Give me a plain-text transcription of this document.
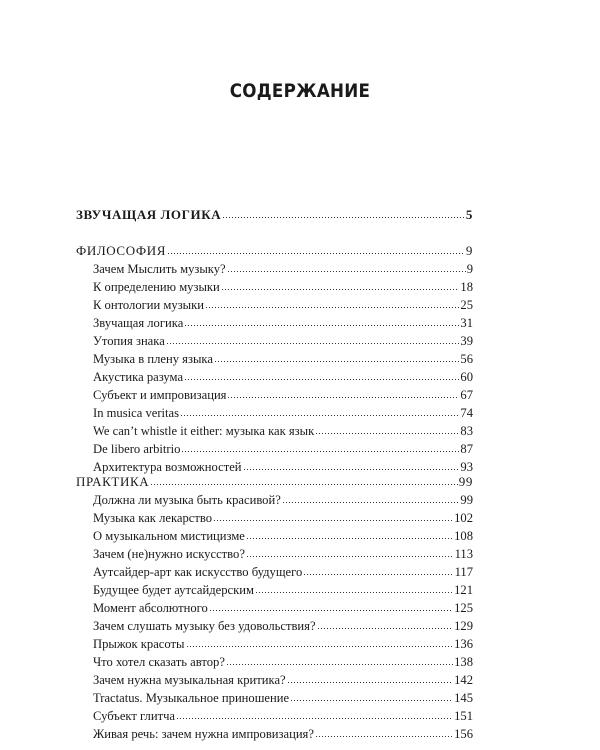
СОДЕРЖАНИЕ
ЗВУЧАЩАЯ ЛОГИКА	5
ФИЛОСОФИЯ	9
Зачем Мыслить музыку?	9
К определению музыки	18
К онтологии музыки	25
Звучащая логика	31
Утопия знака	39
Музыка в плену языка	56
Акустика разума	60
Субъект и импровизация	67
In musica veritas	74
We can’t whistle it either: музыка как язык	83
De libero arbitrio	87
Архитектура возможностей	93
ПРАКТИКА	99
Должна ли музыка быть красивой?	99
Музыка как лекарство	102
О музыкальном мистицизме	108
Зачем (не)нужно искусство?	113
Аутсайдер-арт как искусство будущего	117
Будущее будет аутсайдерским	121
Момент абсолютного	125
Зачем слушать музыку без удовольствия?	129
Прыжок красоты	136
Что хотел сказать автор?	138
Зачем нужна музыкальная критика?	142
Tractatus. Музыкальное приношение	145
Субъект глитча	151
Живая речь: зачем нужна импровизация?	156
